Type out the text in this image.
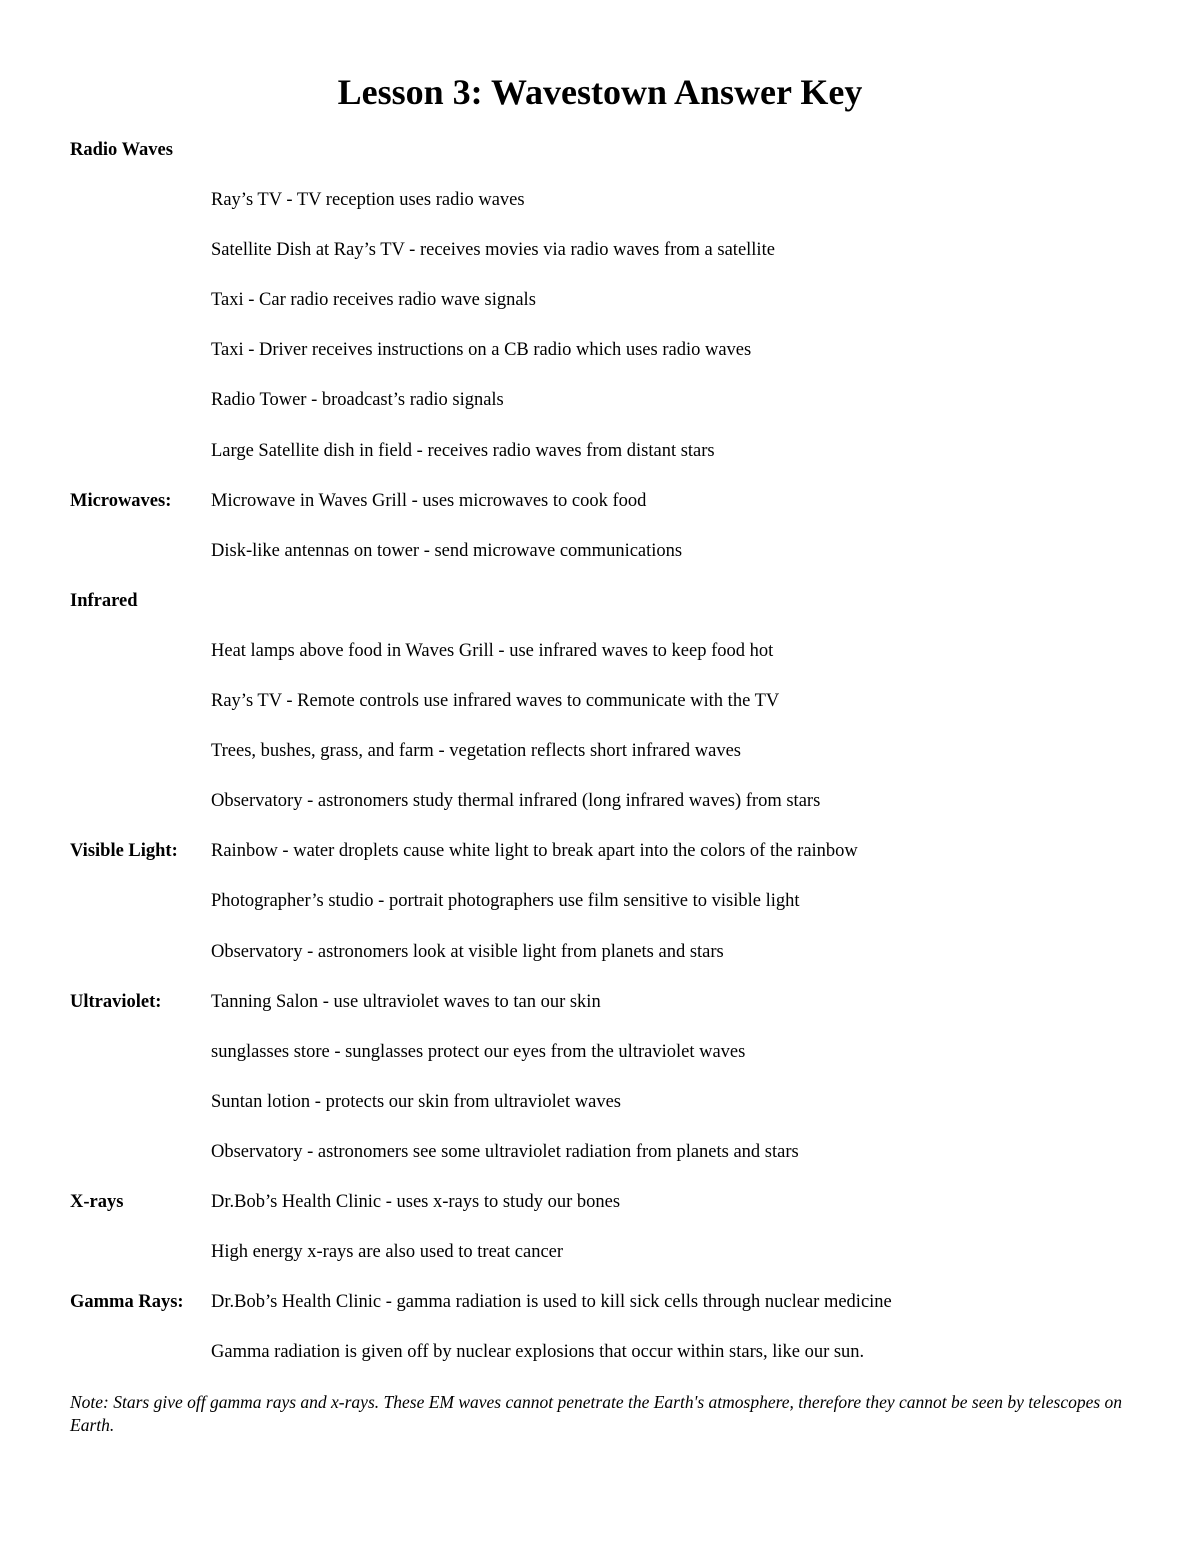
Lesson 3: Wavestown Answer Key
Radio Waves
Ray’s TV - TV reception uses radio waves
Satellite Dish at Ray’s TV - receives movies via radio waves from a satellite
Taxi - Car radio receives radio wave signals
Taxi - Driver receives instructions on a CB radio which uses radio waves
Radio Tower - broadcast’s radio signals
Large Satellite dish in field - receives radio waves from distant stars
Microwaves: Microwave in Waves Grill - uses microwaves to cook food
Disk-like antennas on tower - send microwave communications
Infrared
Heat lamps above food in Waves Grill - use infrared waves to keep food hot
Ray’s TV - Remote controls use infrared waves to communicate with the TV
Trees, bushes, grass, and farm - vegetation reflects short infrared waves
Observatory - astronomers study thermal infrared (long infrared waves) from stars
Visible Light: Rainbow - water droplets cause white light to break apart into the colors of the rainbow
Photographer’s studio - portrait photographers use film sensitive to visible light
Observatory - astronomers look at visible light from planets and stars
Ultraviolet:	Tanning Salon - use ultraviolet waves to tan our skin
sunglasses store - sunglasses protect our eyes from the ultraviolet waves
Suntan lotion - protects our skin from ultraviolet waves
Observatory - astronomers see some ultraviolet radiation from planets and stars
X-rays	Dr.Bob’s Health Clinic - uses x-rays to study our bones
High energy x-rays are also used to treat cancer
Gamma Rays: Dr.Bob’s Health Clinic - gamma radiation is used to kill sick cells through nuclear medicine
Gamma radiation is given off by nuclear explosions that occur within stars, like our sun.

Note: Stars give off gamma rays and x-rays. These EM waves cannot penetrate the Earth's atmosphere, therefore they cannot be seen by telescopes on Earth.
